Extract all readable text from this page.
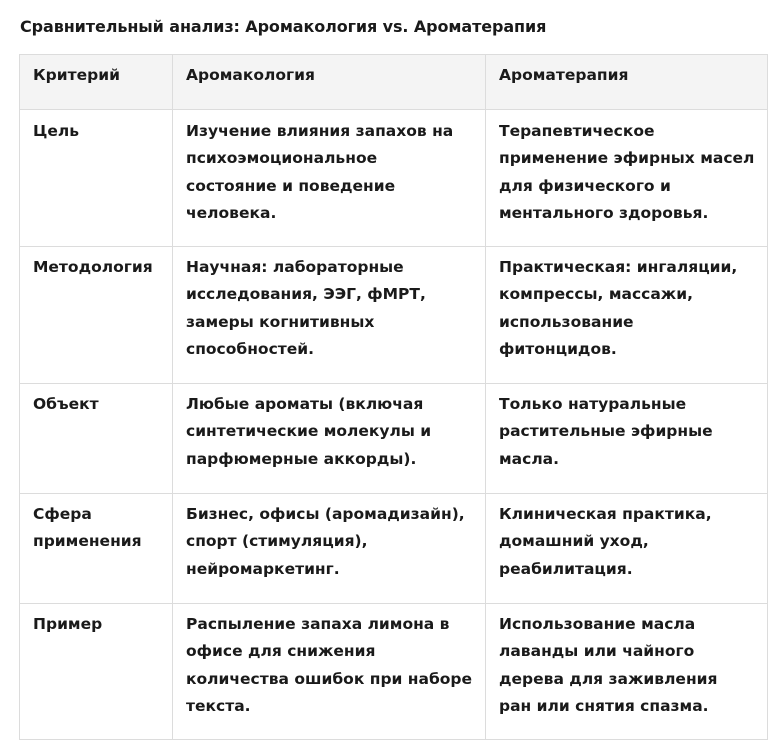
Сравнительный анализ: Аромакология vs. Ароматерапия
Критерий	Аромакология	Ароматерапия
Цель	Изучение влияния запахов на психоэмоциональное состояние и поведение человека.	Терапевтическое применение эфирных масел для физического и ментального здоровья.
Методология	Научная: лабораторные исследования, ЭЭГ, фМРТ, замеры когнитивных способностей.	Практическая: ингаляции, компрессы, массажи, использование фитонцидов.
Объект	Любые ароматы (включая синтетические молекулы и парфюмерные аккорды).	Только натуральные растительные эфирные масла.
Сфера применения	Бизнес, офисы (аромадизайн), спорт (стимуляция), нейромаркетинг.	Клиническая практика, домашний уход, реабилитация.
Пример	Распыление запаха лимона в офисе для снижения количества ошибок при наборе текста.	Использование масла лаванды или чайного дерева для заживления ран или снятия спазма.
